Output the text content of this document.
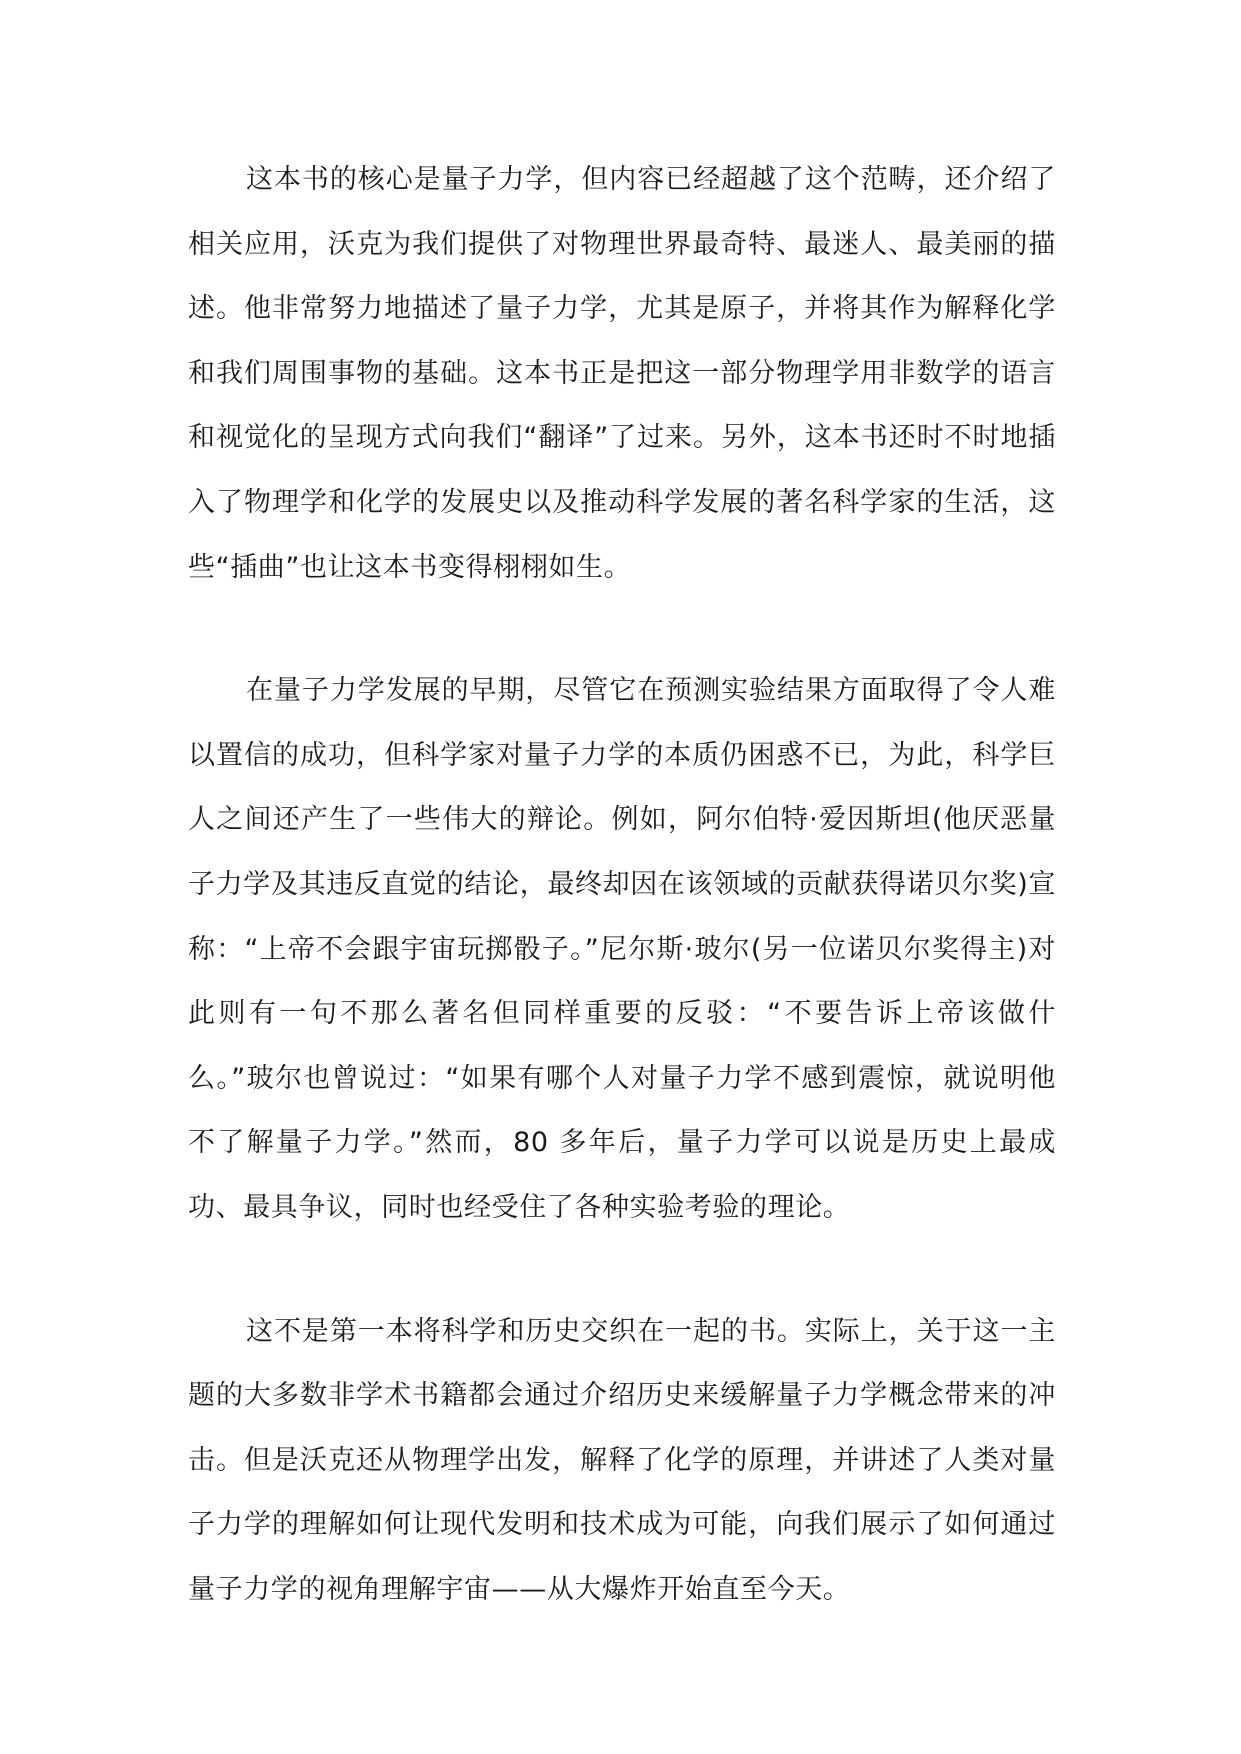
这本书的核心是量子力学，但内容已经超越了这个范畴，还介绍了相关应用，沃克为我们提供了对物理世界最奇特、最迷人、最美丽的描述。他非常努力地描述了量子力学，尤其是原子，并将其作为解释化学和我们周围事物的基础。这本书正是把这一部分物理学用非数学的语言和视觉化的呈现方式向我们“翻译”了过来。另外，这本书还时不时地插入了物理学和化学的发展史以及推动科学发展的著名科学家的生活，这些“插曲”也让这本书变得栩栩如生。

在量子力学发展的早期，尽管它在预测实验结果方面取得了令人难以置信的成功，但科学家对量子力学的本质仍困惑不已，为此，科学巨人之间还产生了一些伟大的辩论。例如，阿尔伯特·爱因斯坦(他厌恶量子力学及其违反直觉的结论，最终却因在该领域的贡献获得诺贝尔奖)宣称：“上帝不会跟宇宙玩掷骰子。”尼尔斯·玻尔(另一位诺贝尔奖得主)对此则有一句不那么著名但同样重要的反驳：“不要告诉上帝该做什么。”玻尔也曾说过：“如果有哪个人对量子力学不感到震惊，就说明他不了解量子力学。”然而，80 多年后，量子力学可以说是历史上最成功、最具争议，同时也经受住了各种实验考验的理论。

这不是第一本将科学和历史交织在一起的书。实际上，关于这一主题的大多数非学术书籍都会通过介绍历史来缓解量子力学概念带来的冲击。但是沃克还从物理学出发，解释了化学的原理，并讲述了人类对量子力学的理解如何让现代发明和技术成为可能，向我们展示了如何通过量子力学的视角理解宇宙——从大爆炸开始直至今天。
